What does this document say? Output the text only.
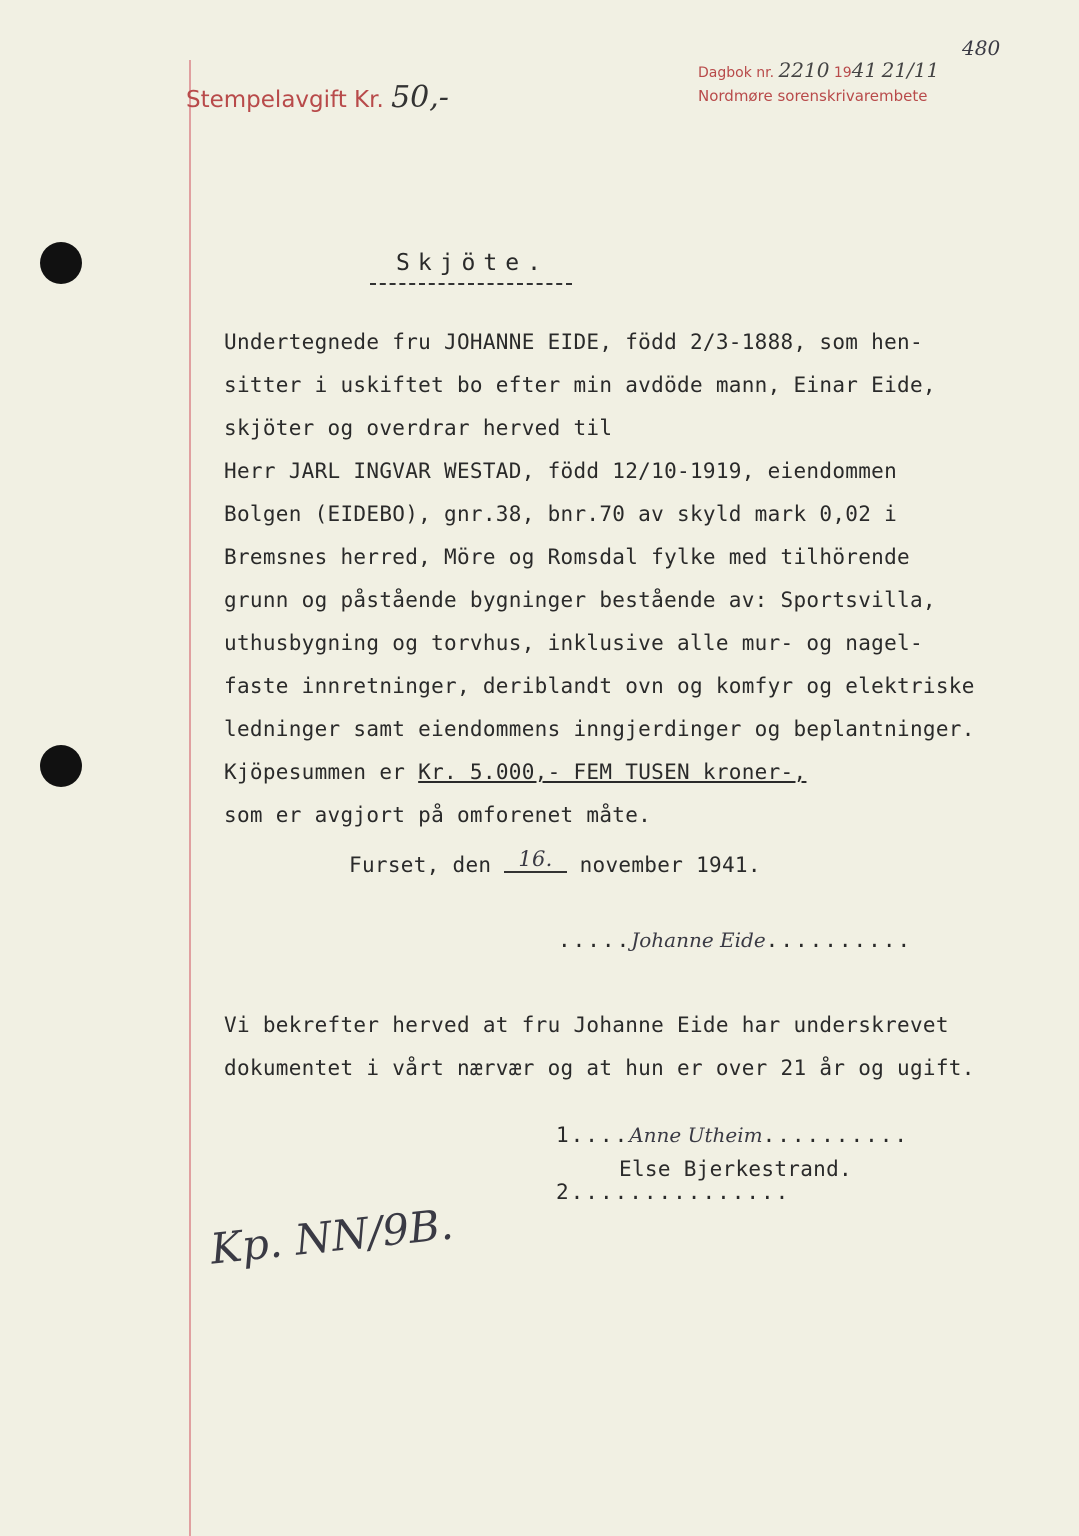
Stempelavgift Kr. 50,-
Dagbok nr. 2210 1941 21/11
480
Nordmøre sorenskrivarembete
Skjöte.
Undertegnede fru JOHANNE EIDE, född 2/3-1888, som hen-
sitter i uskiftet bo efter min avdöde mann, Einar Eide,
skjöter og overdrar herved til
Herr JARL INGVAR WESTAD, född 12/10-1919, eiendommen
Bolgen (EIDEBO), gnr.38, bnr.70 av skyld mark 0,02 i
Bremsnes herred, Möre og Romsdal fylke med tilhörende
grunn og påstående bygninger bestående av: Sportsvilla,
uthusbygning og torvhus, inklusive alle mur- og nagel-
faste innretninger, deriblandt ovn og komfyr og elektriske
ledninger samt eiendommens inngjerdinger og beplantninger.
Kjöpesummen er Kr. 5.000,- FEM TUSEN kroner-,
som er avgjort på omforenet måte.
Furset, den 16. november 1941.
.....Johanne Eide..........
Vi bekrefter herved at fru Johanne Eide har underskrevet
dokumentet i vårt nærvær og at hun er over 21 år og ugift.
1....Anne Utheim..........
Else Bjerkestrand.
2...............
Kp. NN/9B.
